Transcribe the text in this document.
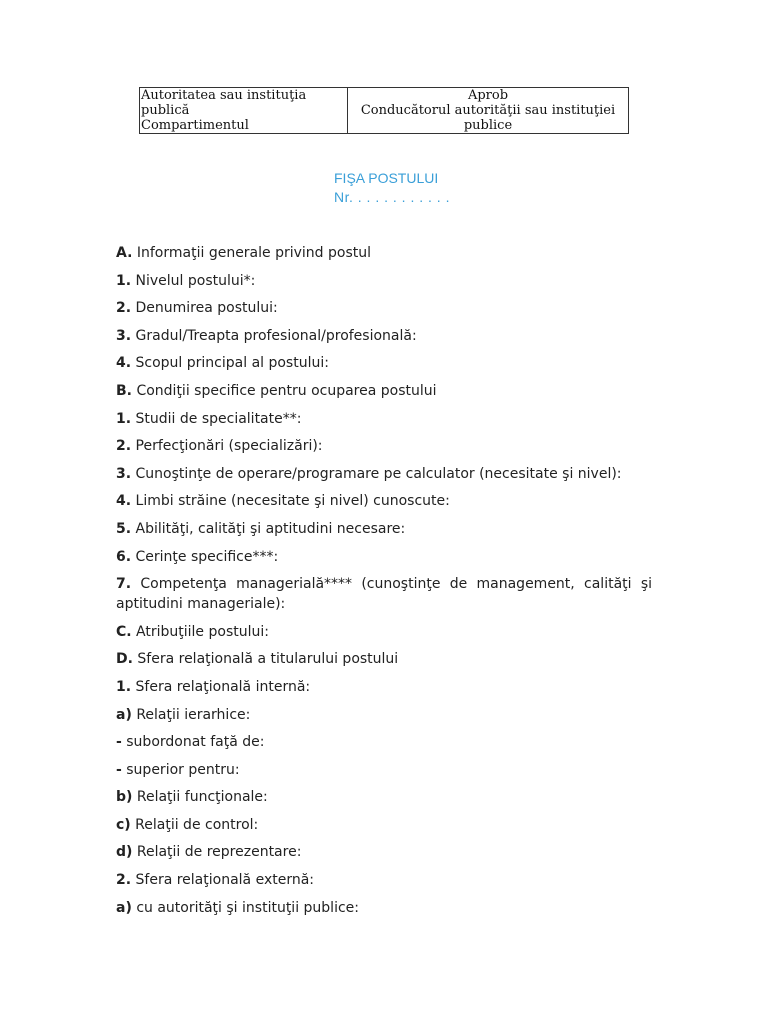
Autoritatea sau instituţia
publică
Compartimentul

Aprob
Conducătorul autorităţii sau instituţiei
publice
FIŞA POSTULUI
Nr. . . . . . . . . . . .
A. Informaţii generale privind postul
1. Nivelul postului*:
2. Denumirea postului:
3. Gradul/Treapta profesional/profesională:
4. Scopul principal al postului:
B. Condiţii specifice pentru ocuparea postului
1. Studii de specialitate**:
2. Perfecţionări (specializări):
3. Cunoştinţe de operare/programare pe calculator (necesitate şi nivel):
4. Limbi străine (necesitate şi nivel) cunoscute:
5. Abilităţi, calităţi şi aptitudini necesare:
6. Cerinţe specifice***:
7. Competenţa managerială**** (cunoştinţe de management, calităţi şi aptitudini manageriale):
C. Atribuţiile postului:
D. Sfera relaţională a titularului postului
1. Sfera relaţională internă:
a) Relaţii ierarhice:
- subordonat faţă de:
- superior pentru:
b) Relaţii funcţionale:
c) Relaţii de control:
d) Relaţii de reprezentare:
2. Sfera relaţională externă:
a) cu autorităţi şi instituţii publice:
